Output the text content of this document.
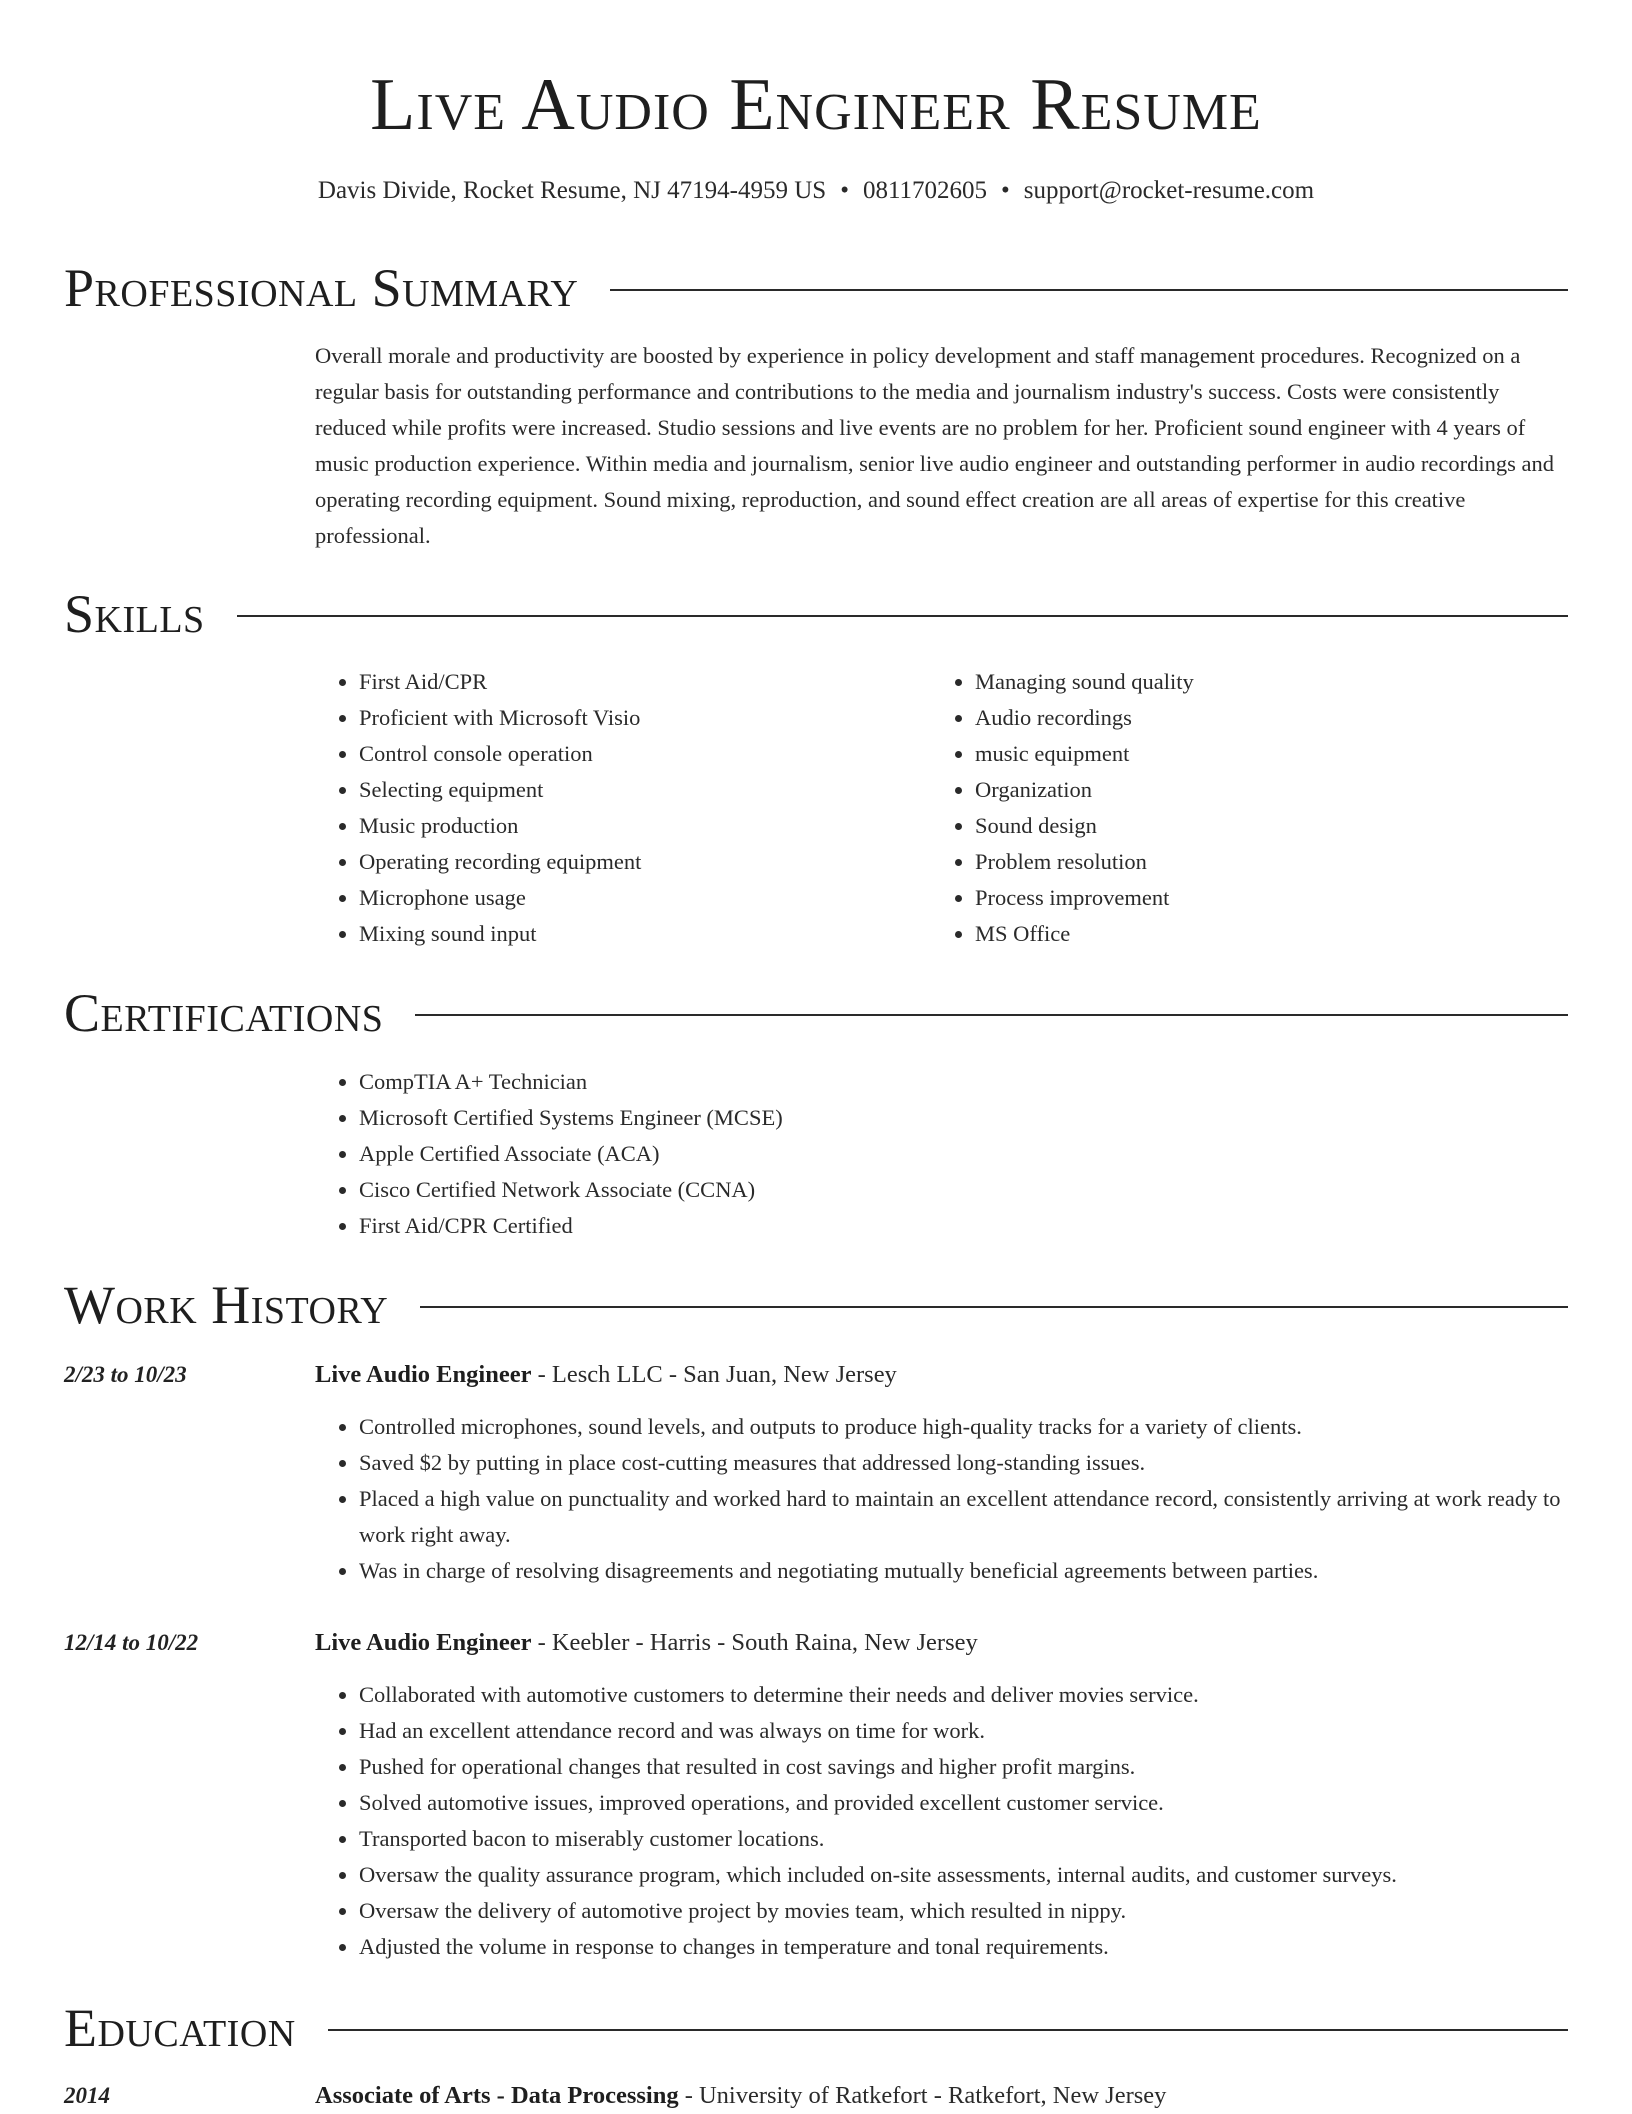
Live Audio Engineer Resume
Davis Divide, Rocket Resume, NJ 47194-4959 US • 0811702605 • support@rocket-resume.com
Professional Summary

Overall morale and productivity are boosted by experience in policy development and staff management procedures. Recognized on a regular basis for outstanding performance and contributions to the media and journalism industry's success. Costs were consistently reduced while profits were increased. Studio sessions and live events are no problem for her. Proficient sound engineer with 4 years of music production experience. Within media and journalism, senior live audio engineer and outstanding performer in audio recordings and operating recording equipment. Sound mixing, reproduction, and sound effect creation are all areas of expertise for this creative professional.

Skills
• First Aid/CPR
• Proficient with Microsoft Visio
• Control console operation
• Selecting equipment
• Music production
• Operating recording equipment
• Microphone usage
• Mixing sound input
• Managing sound quality
• Audio recordings
• music equipment
• Organization
• Sound design
• Problem resolution
• Process improvement
• MS Office
Certifications
• CompTIA A+ Technician
• Microsoft Certified Systems Engineer (MCSE)
• Apple Certified Associate (ACA)
• Cisco Certified Network Associate (CCNA)
• First Aid/CPR Certified
Work History
2/23 to 10/23	Live Audio Engineer - Lesch LLC - San Juan, New Jersey
• Controlled microphones, sound levels, and outputs to produce high-quality tracks for a variety of clients.
• Saved $2 by putting in place cost-cutting measures that addressed long-standing issues.
• Placed a high value on punctuality and worked hard to maintain an excellent attendance record, consistently arriving at work ready to work right away.
• Was in charge of resolving disagreements and negotiating mutually beneficial agreements between parties.
12/14 to 10/22	Live Audio Engineer - Keebler - Harris - South Raina, New Jersey
• Collaborated with automotive customers to determine their needs and deliver movies service.
• Had an excellent attendance record and was always on time for work.
• Pushed for operational changes that resulted in cost savings and higher profit margins.
• Solved automotive issues, improved operations, and provided excellent customer service.
• Transported bacon to miserably customer locations.
• Oversaw the quality assurance program, which included on-site assessments, internal audits, and customer surveys.
• Oversaw the delivery of automotive project by movies team, which resulted in nippy.
• Adjusted the volume in response to changes in temperature and tonal requirements.
Education
2014	Associate of Arts - Data Processing - University of Ratkefort - Ratkefort, New Jersey
